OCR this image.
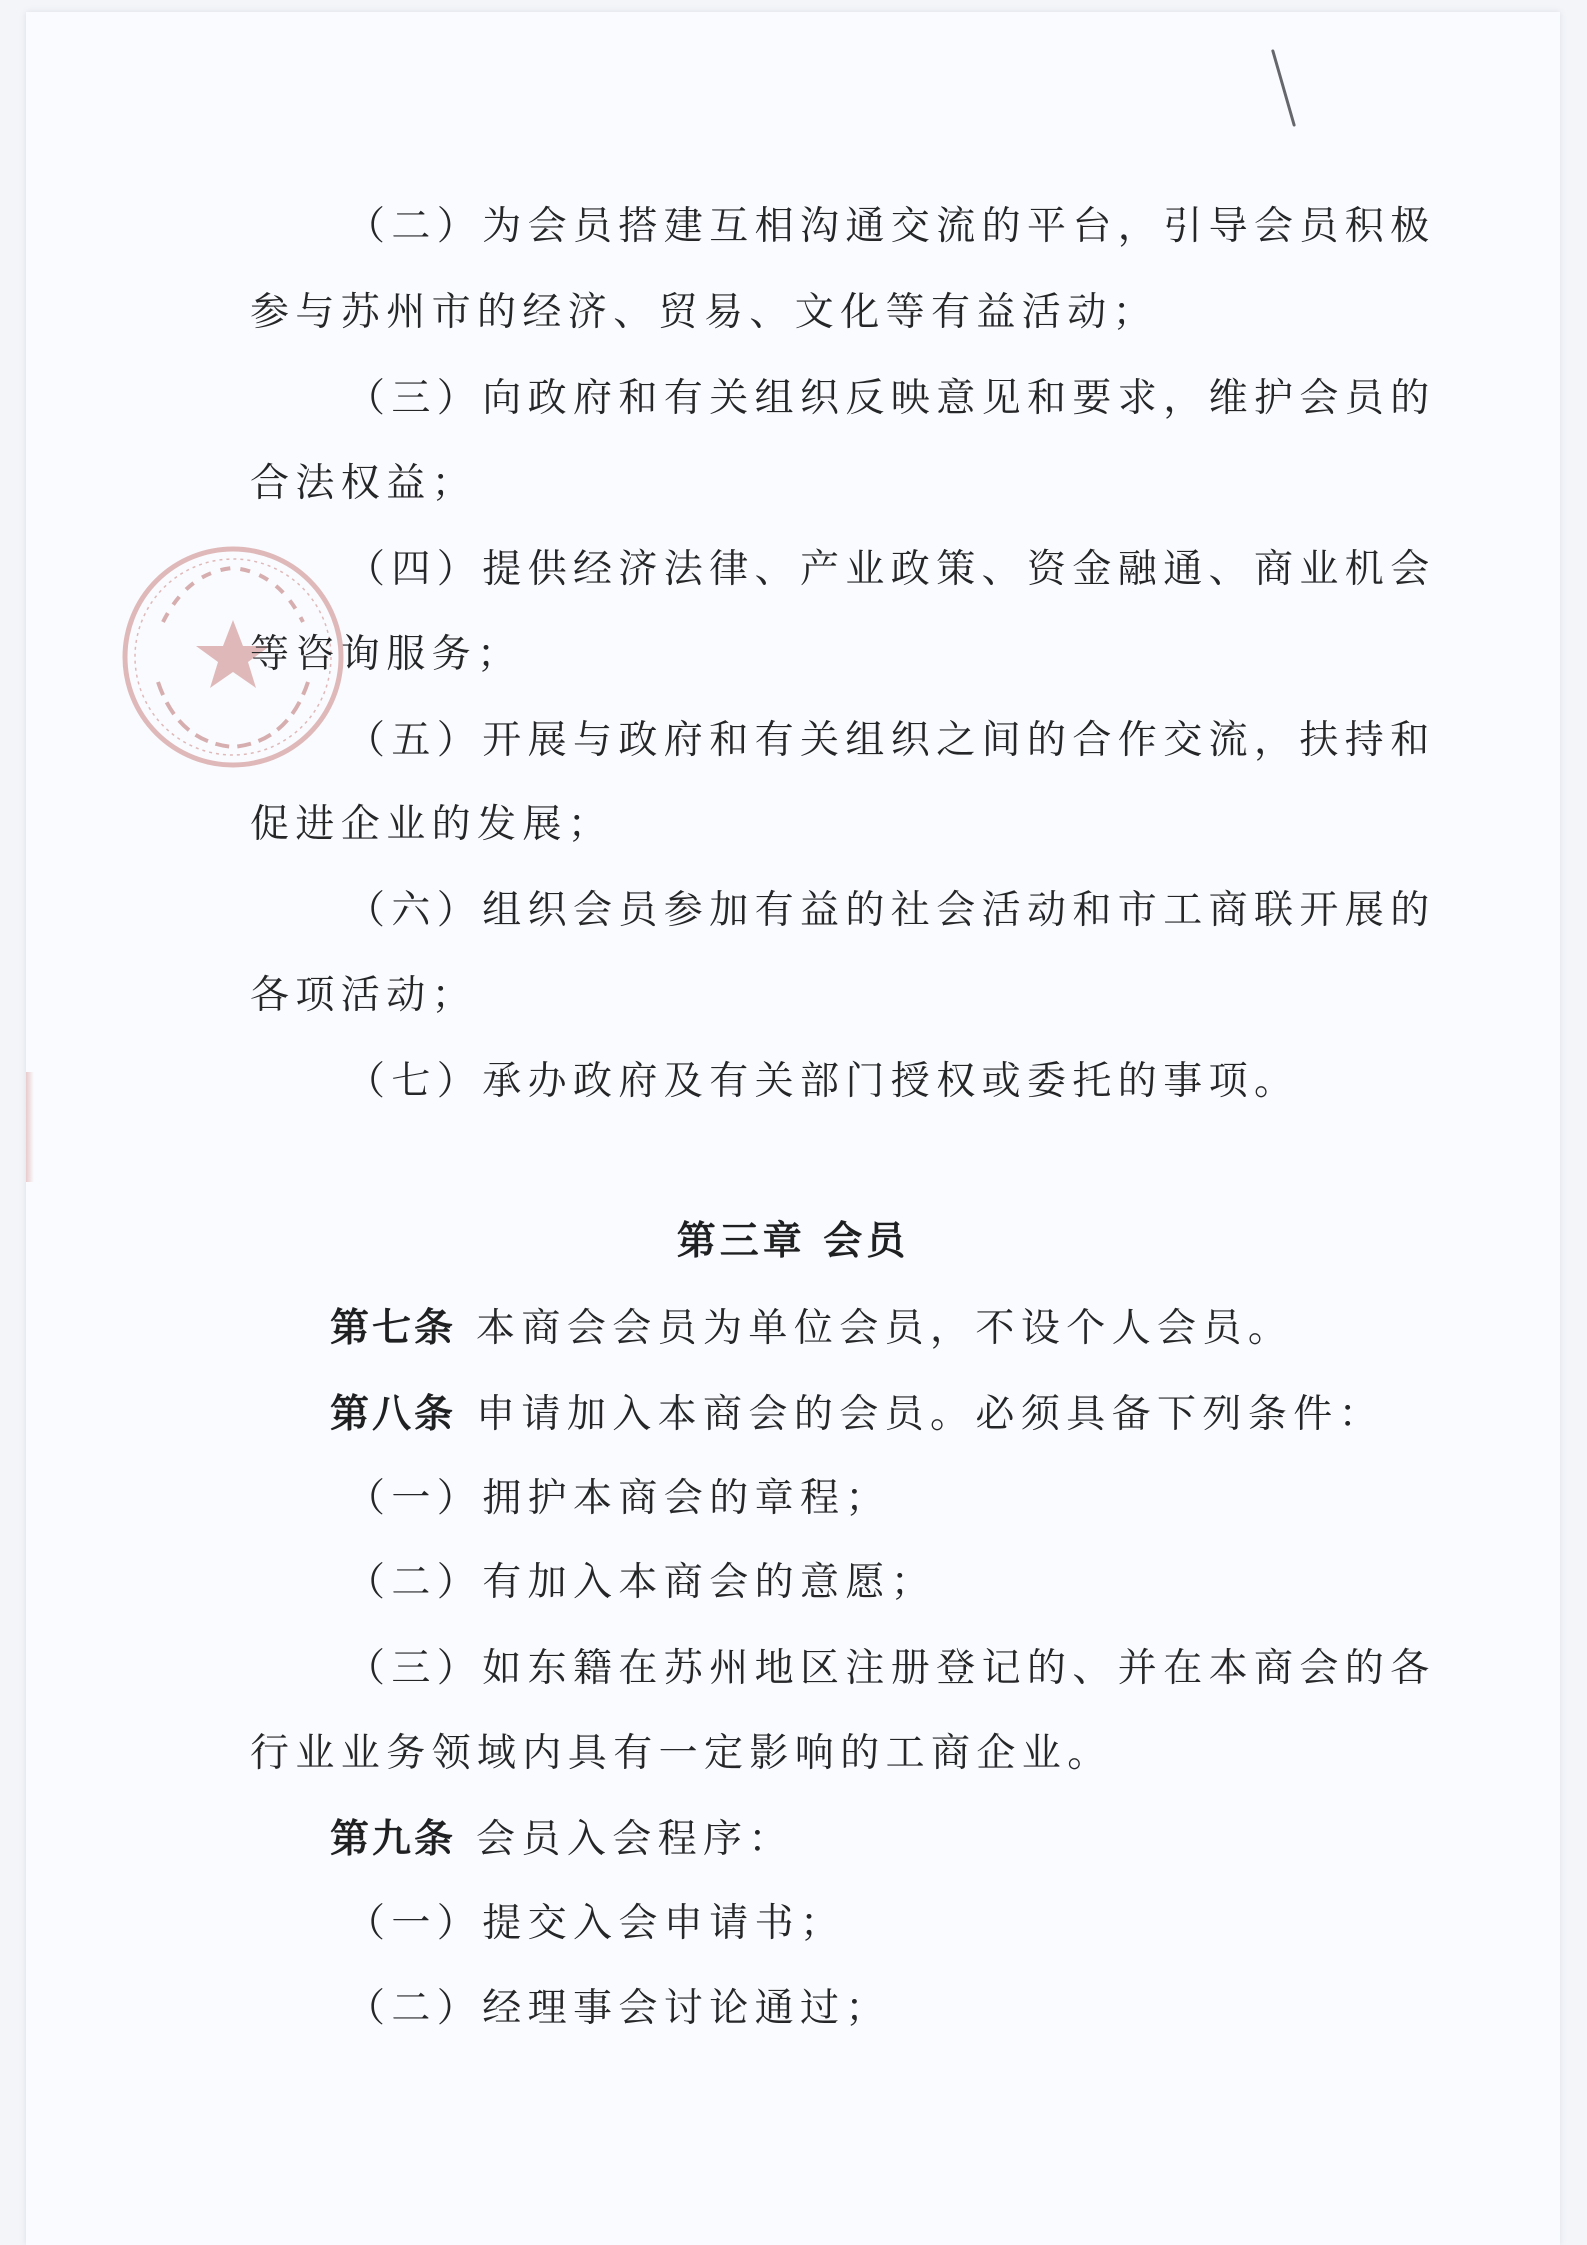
（二）为会员搭建互相沟通交流的平台，引导会员积极

参与苏州市的经济、贸易、文化等有益活动；

（三）向政府和有关组织反映意见和要求，维护会员的

合法权益；

（四）提供经济法律、产业政策、资金融通、商业机会

等咨询服务；

（五）开展与政府和有关组织之间的合作交流，扶持和

促进企业的发展；

（六）组织会员参加有益的社会活动和市工商联开展的

各项活动；

（七）承办政府及有关部门授权或委托的事项。

第三章 会员

第七条 本商会会员为单位会员，不设个人会员。

第八条 申请加入本商会的会员。必须具备下列条件：

（一）拥护本商会的章程；

（二）有加入本商会的意愿；

（三）如东籍在苏州地区注册登记的、并在本商会的各

行业业务领域内具有一定影响的工商企业。

第九条 会员入会程序：

（一）提交入会申请书；

（二）经理事会讨论通过；
